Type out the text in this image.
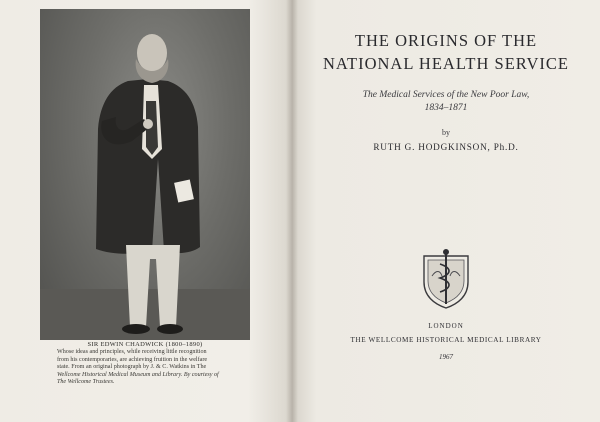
SIR EDWIN CHADWICK (1800–1890)
Whose ideas and principles, while receiving little recognition
from his contemporaries, are achieving fruition in the welfare
state. From an original photograph by J. & C. Watkins in The
Wellcome Historical Medical Museum and Library. By courtesy of
The Wellcome Trustees.
THE ORIGINS OF THE
NATIONAL HEALTH SERVICE
The Medical Services of the New Poor Law,
1834–1871
by
RUTH G. HODGKINSON, Ph.D.
LONDON
THE WELLCOME HISTORICAL MEDICAL LIBRARY
1967
